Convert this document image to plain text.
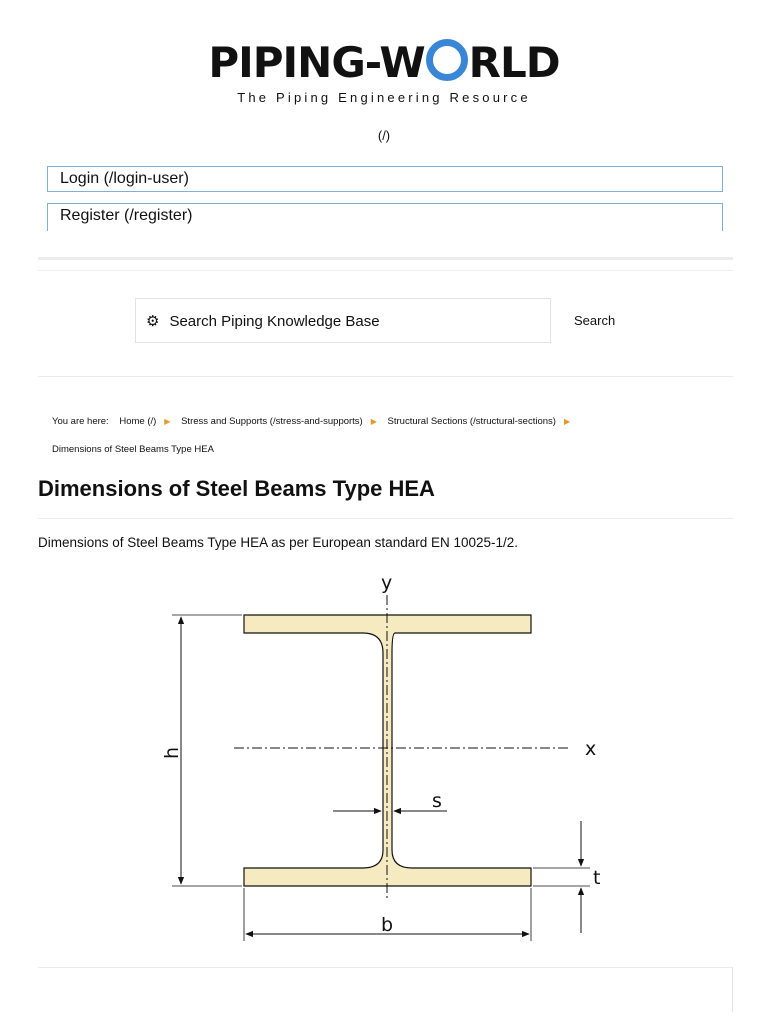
PIPING-W RLD
The Piping Engineering Resource
(/)
Login (/login-user)
Register (/register)
⚙ Search Piping Knowledge Base	Search
You are here: Home (/) ▶ Stress and Supports (/stress-and-supports) ▶ Structural Sections (/structural-sections) ▶
Dimensions of Steel Beams Type HEA
Dimensions of Steel Beams Type HEA
Dimensions of Steel Beams Type HEA as per European standard EN 10025-1/2.
y
x
s
t
b
h
